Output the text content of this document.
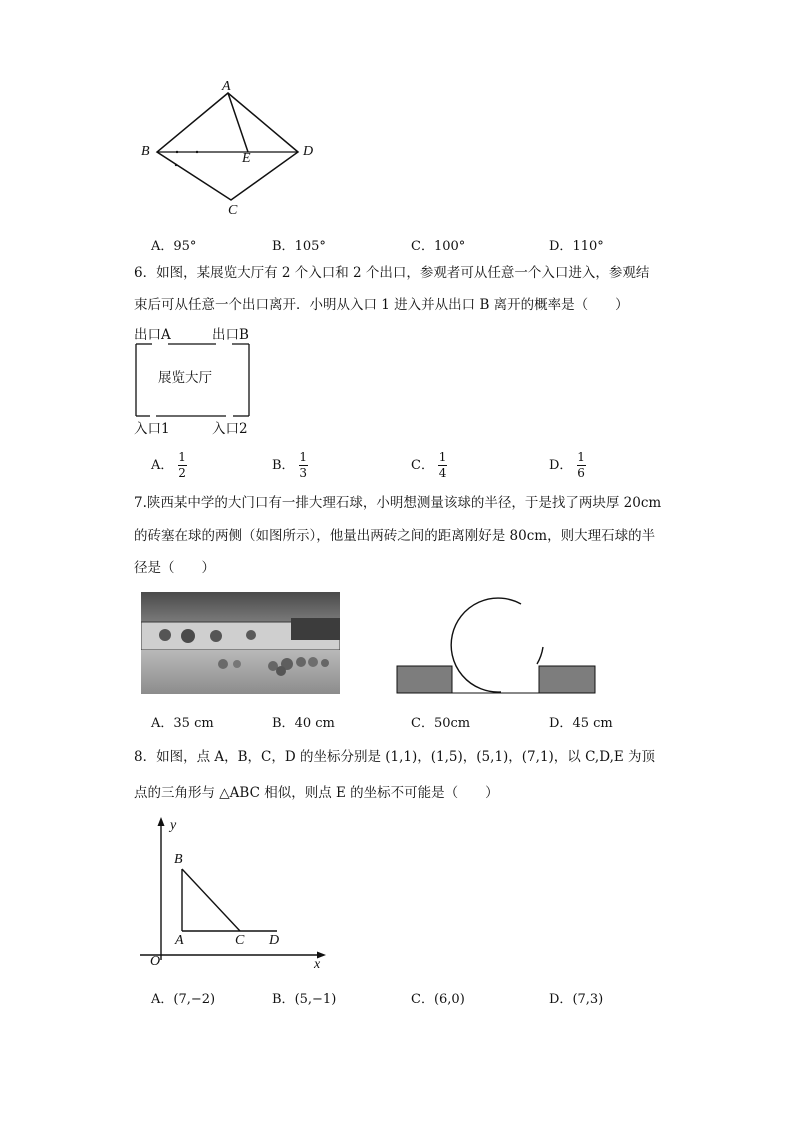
A
B	E	D
C
A．95°	B．105°	C．100°	D．110°
6．如图，某展览大厅有 2 个入口和 2 个出口，参观者可从任意一个入口进入，参观结
束后可从任意一个出口离开．小明从入口 1 进入并从出口 B 离开的概率是（　　）
出口A	出口B
展览大厅
入口1	入口2
A． $\frac{1}{2}$	B． $\frac{1}{3}$	C． $\frac{1}{4}$	D． $\frac{1}{6}$
7.陕西某中学的大门口有一排大理石球，小明想测量该球的半径，于是找了两块厚 20cm
的砖塞在球的两侧（如图所示），他量出两砖之间的距离刚好是 80cm，则大理石球的半
径是（　　）
A．35 cm	B．40 cm	C．50cm	D．45 cm
8．如图，点 A，B，C，D 的坐标分别是 (1,1)，(1,5)，(5,1)，(7,1)，以 C,D,E 为顶
点的三角形与 △ABC 相似，则点 E 的坐标不可能是（　　）
y
x
O
B
A	C D
A．(7,−2)	B．(5,−1)	C．(6,0)	D．(7,3)
